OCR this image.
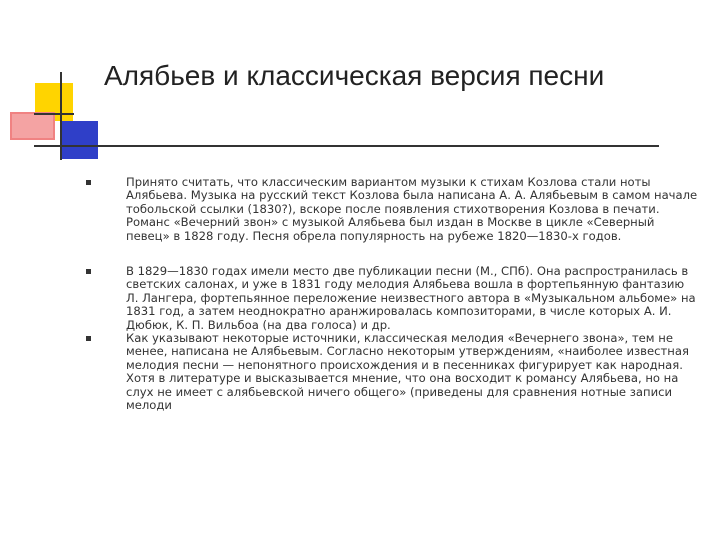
Алябьев и классическая версия песни
Принято считать, что классическим вариантом музыки к стихам Козлова стали ноты Алябьева. Музыка на русский текст Козлова была написана А. А. Алябьевым в самом начале тобольской ссылки (1830?), вскоре после появления стихотворения Козлова в печати. Романс «Вечерний звон» с музыкой Алябьева был издан в Москве в цикле «Северный певец» в 1828 году. Песня обрела популярность на рубеже 1820—1830-х годов.
В 1829—1830 годах имели место две публикации песни (М., СПб). Она распространилась в светских салонах, и уже в 1831 году мелодия Алябьева вошла в фортепьянную фантазию Л. Лангера, фортепьянное переложение неизвестного автора в «Музыкальном альбоме» на 1831 год, а затем неоднократно аранжировалась композиторами, в числе которых А. И. Дюбюк, К. П. Вильбоа (на два голоса) и др.
Как указывают некоторые источники, классическая мелодия «Вечернего звона», тем не менее, написана не Алябьевым. Согласно некоторым утверждениям, «наиболее известная мелодия песни — непонятного происхождения и в песенниках фигурирует как народная. Хотя в литературе и высказывается мнение, что она восходит к романсу Алябьева, но на слух не имеет с алябьевской ничего общего» (приведены для сравнения нотные записи мелоди
